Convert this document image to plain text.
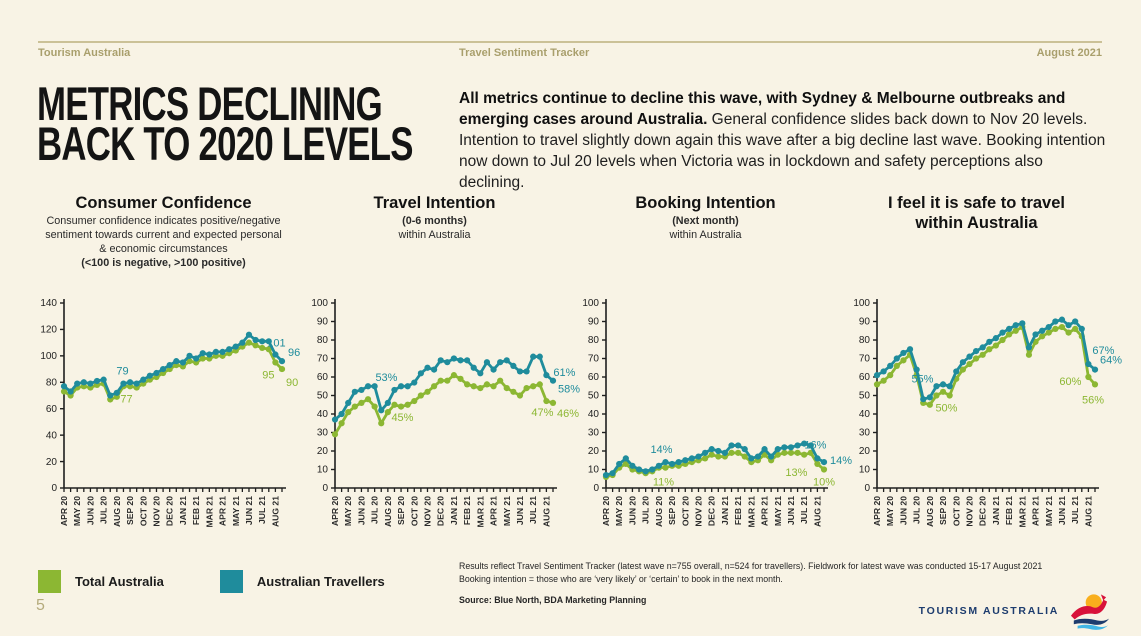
Tourism Australia	Travel Sentiment Tracker	August 2021
METRICS DECLINING
BACK TO 2020 LEVELS
All metrics continue to decline this wave, with Sydney & Melbourne outbreaks and emerging cases around Australia. General confidence slides back down to Nov 20 levels. Intention to travel slightly down again this wave after a big decline last wave. Booking intention now down to Jul 20 levels when Victoria was in lockdown and safety perceptions also declining.
Consumer Confidence
Consumer confidence indicates positive/negative
sentiment towards current and expected personal
& economic circumstances
(<100 is negative, >100 positive)
0
20
40
60
80
100
120
140
APR 20 MAY 20 JUN 20 JUL 20 AUG 20 SEP 20 OCT 20 NOV 20 DEC 20 JAN 21 FEB 21 MAR 21 APR 21 MAY 21 JUN 21 JUL 21 AUG 21
79
77
101
96
95
90
Travel Intention
(0-6 months)
within Australia
0
10
20
30
40
50
60
70
80
90
100
APR 20 MAY 20 JUN 20 JUL 20 AUG 20 SEP 20 OCT 20 NOV 20 DEC 20 JAN 21 FEB 21 MAR 21 APR 21 MAY 21 JUN 21 JUL 21 AUG 21
53%
45%
61%
58%
47% 46%
Booking Intention
(Next month)
within Australia
0
10
20
30
40
50
60
70
80
90
100
APR 20 MAY 20 JUN 20 JUL 20 AUG 20 SEP 20 OCT 20 NOV 20 DEC 20 JAN 21 FEB 21 MAR 21 APR 21 MAY 21 JUN 21 JUL 21 AUG 21
14%
11%
16%
14%
13%
10%
I feel it is safe to travel
within Australia
0
10
20
30
40
50
60
70
80
90
100
APR 20 MAY 20 JUN 20 JUL 20 AUG 20 SEP 20 OCT 20 NOV 20 DEC 20 JAN 21 FEB 21 MAR 21 APR 21 MAY 21 JUN 21 JUL 21 AUG 21
55%
50%
67%
64%
60%
56%
Total Australia	Australian Travellers
Results reflect Travel Sentiment Tracker (latest wave n=755 overall, n=524 for travellers). Fieldwork for latest wave was conducted 15-17 August 2021
Booking intention = those who are ‘very likely’ or ‘certain’ to book in the next month.
Source: Blue North, BDA Marketing Planning
5	TOURISM AUSTRALIA
